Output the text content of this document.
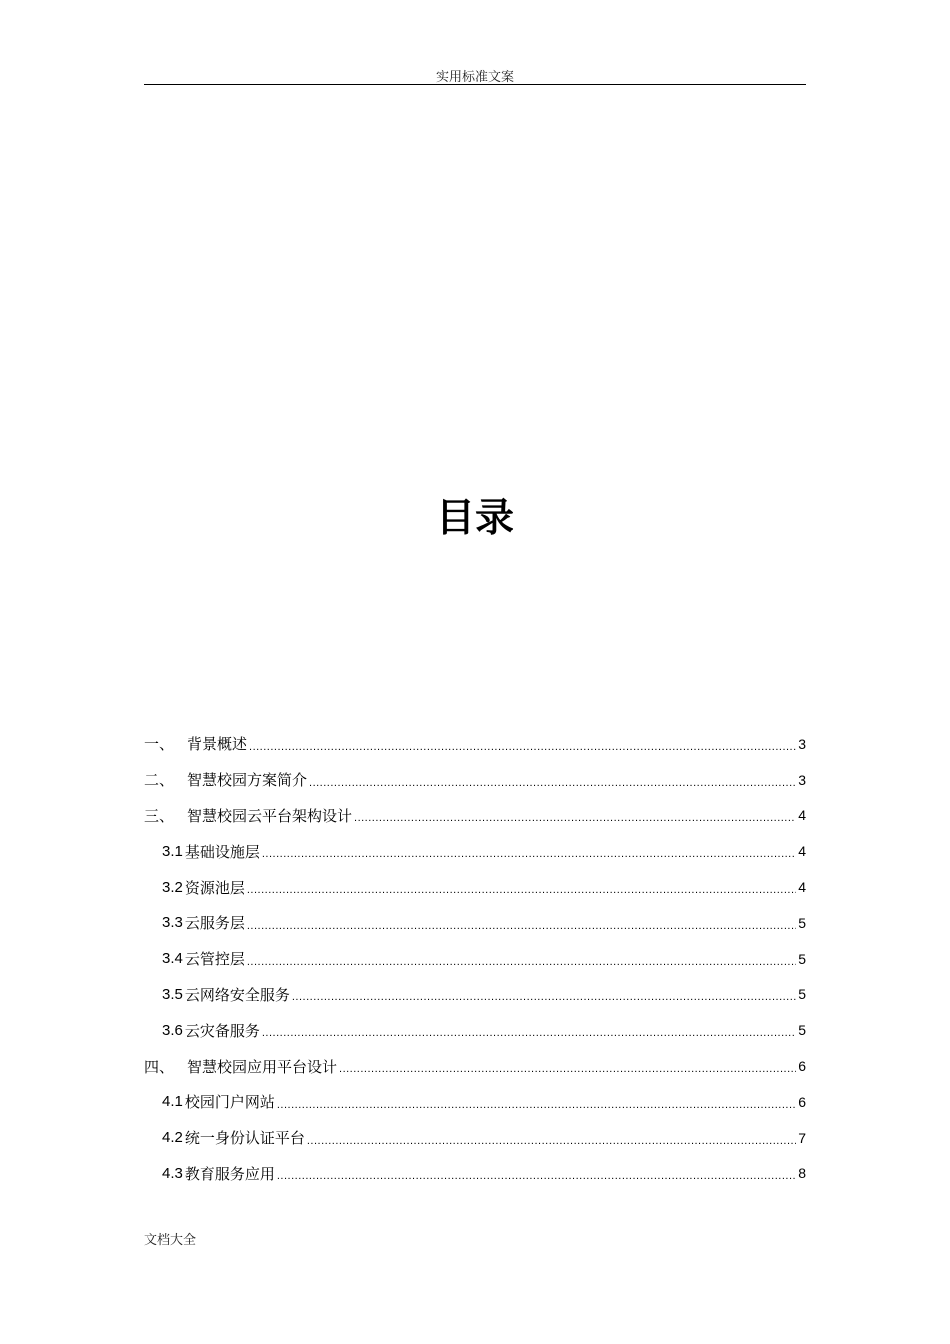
实用标准文案
目录
一、 背景概述 .....	3
二、 智慧校园方案简介 .....	3
三、 智慧校园云平台架构设计 .....	4
3.1 基础设施层 .....	4
3.2 资源池层 .....	4
3.3 云服务层 .....	5
3.4 云管控层 .....	5
3.5 云网络安全服务 .....	5
3.6 云灾备服务 .....	5
四、 智慧校园应用平台设计 .....	6
4.1 校园门户网站 .....	6
4.2 统一身份认证平台 .....	7
4.3 教育服务应用 .....	8
文档大全
